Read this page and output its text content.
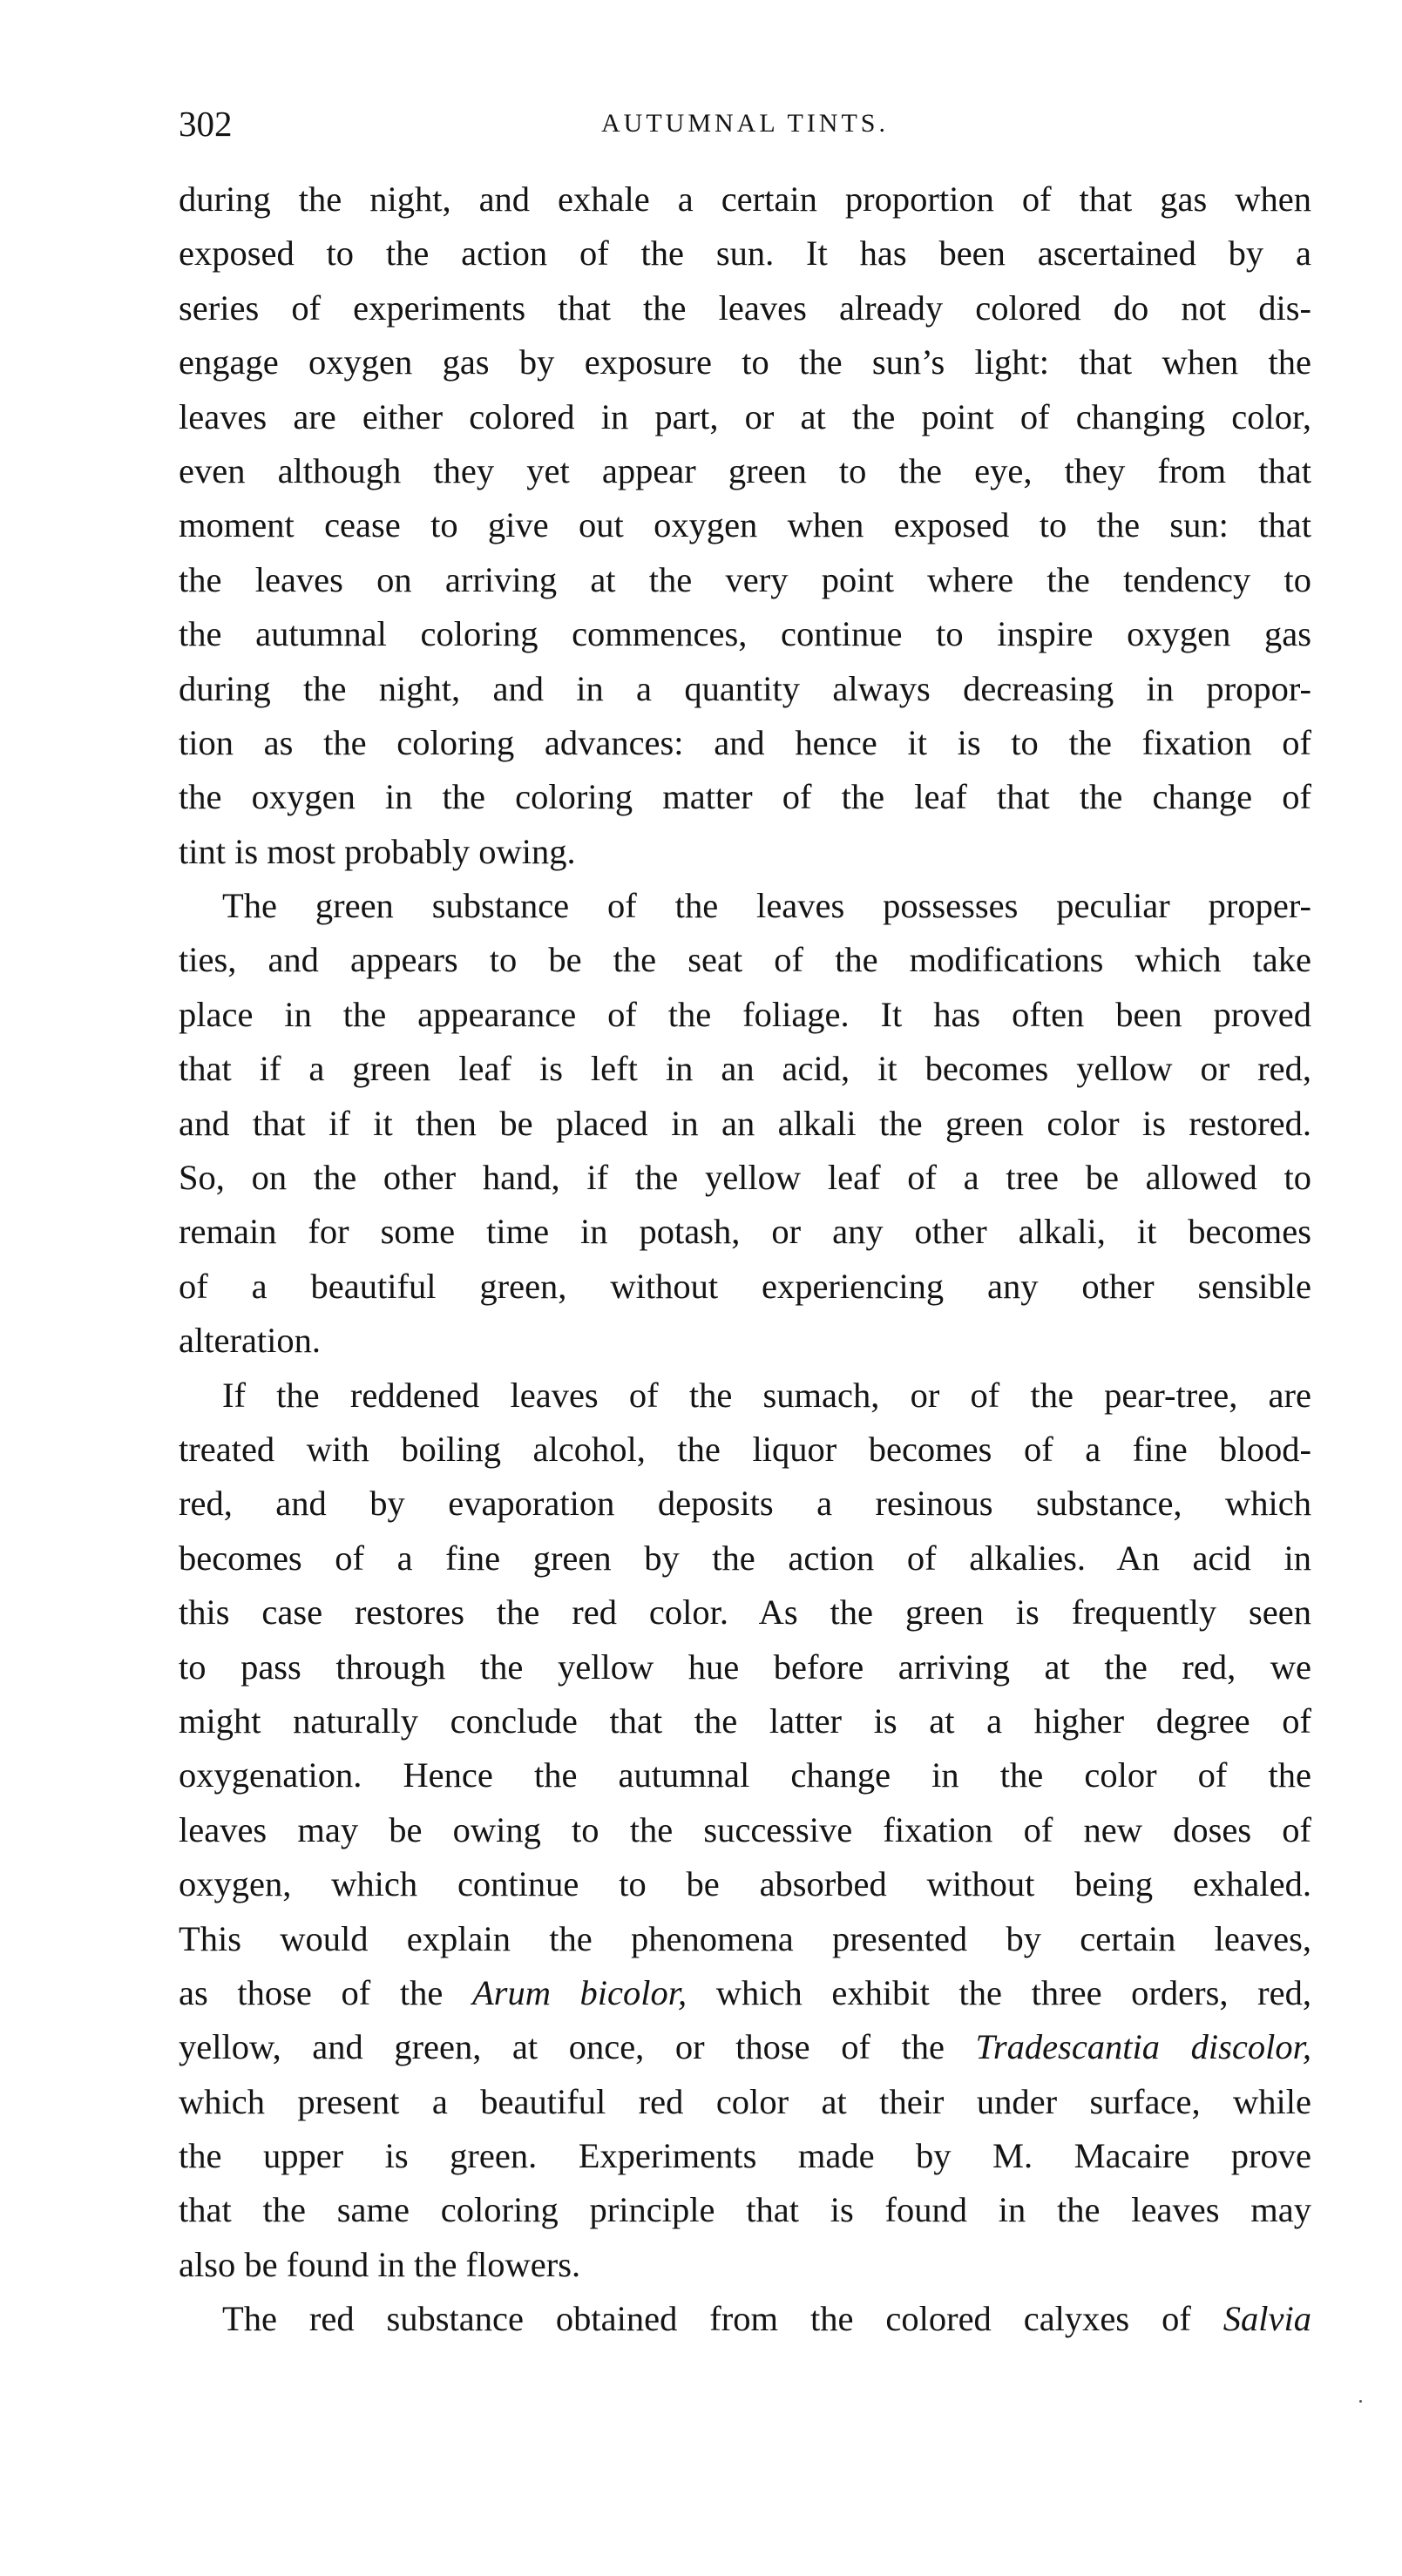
302	AUTUMNAL TINTS.
during the night, and exhale a certain proportion of that gas when
exposed to the action of the sun. It has been ascertained by a
series of experiments that the leaves already colored do not dis-
engage oxygen gas by exposure to the sun’s light: that when the
leaves are either colored in part, or at the point of changing color,
even although they yet appear green to the eye, they from that
moment cease to give out oxygen when exposed to the sun: that
the leaves on arriving at the very point where the tendency to
the autumnal coloring commences, continue to inspire oxygen gas
during the night, and in a quantity always decreasing in propor-
tion as the coloring advances: and hence it is to the fixation of
the oxygen in the coloring matter of the leaf that the change of
tint is most probably owing.
The green substance of the leaves possesses peculiar proper-
ties, and appears to be the seat of the modifications which take
place in the appearance of the foliage. It has often been proved
that if a green leaf is left in an acid, it becomes yellow or red,
and that if it then be placed in an alkali the green color is restored.
So, on the other hand, if the yellow leaf of a tree be allowed to
remain for some time in potash, or any other alkali, it becomes
of a beautiful green, without experiencing any other sensible
alteration.
If the reddened leaves of the sumach, or of the pear-tree, are
treated with boiling alcohol, the liquor becomes of a fine blood-
red, and by evaporation deposits a resinous substance, which
becomes of a fine green by the action of alkalies. An acid in
this case restores the red color. As the green is frequently seen
to pass through the yellow hue before arriving at the red, we
might naturally conclude that the latter is at a higher degree of
oxygenation. Hence the autumnal change in the color of the
leaves may be owing to the successive fixation of new doses of
oxygen, which continue to be absorbed without being exhaled.
This would explain the phenomena presented by certain leaves,
as those of the Arum bicolor, which exhibit the three orders, red,
yellow, and green, at once, or those of the Tradescantia discolor,
which present a beautiful red color at their under surface, while
the upper is green. Experiments made by M. Macaire prove
that the same coloring principle that is found in the leaves may
also be found in the flowers.
The red substance obtained from the colored calyxes of Salvia
